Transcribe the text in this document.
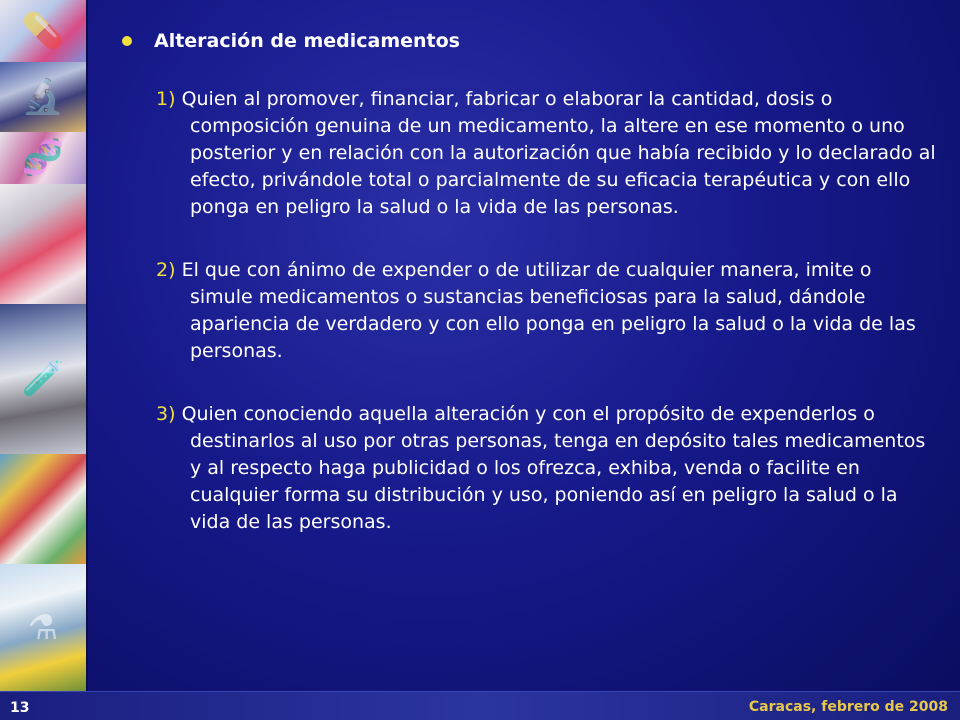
💊
🔬
🧬
🧪
⚗
Alteración de medicamentos
1) Quien al promover, financiar, fabricar o elaborar la cantidad, dosis o composición genuina de un medicamento, la altere en ese momento o uno posterior y en relación con la autorización que había recibido y lo declarado al efecto, privándole total o parcialmente de su eficacia terapéutica y con ello ponga en peligro la salud o la vida de las personas.
2) El que con ánimo de expender o de utilizar de cualquier manera, imite o simule medicamentos o sustancias beneficiosas para la salud, dándole apariencia de verdadero y con ello ponga en peligro la salud o la vida de las personas.
3) Quien conociendo aquella alteración y con el propósito de expenderlos o destinarlos al uso por otras personas, tenga en depósito tales medicamentos y al respecto haga publicidad o los ofrezca, exhiba, venda o facilite en cualquier forma su distribución y uso, poniendo así en peligro la salud o la vida de las personas.
13	Caracas, febrero de 2008
